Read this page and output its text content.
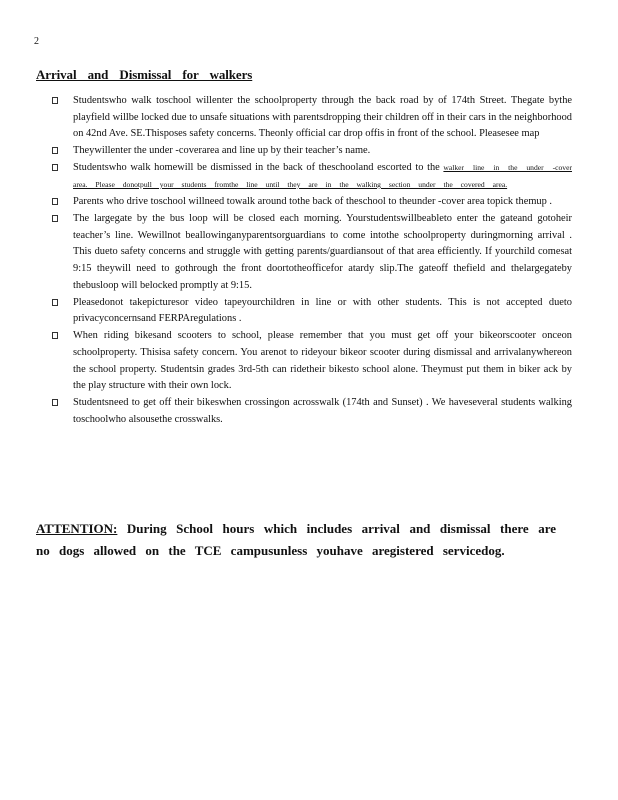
2
Arrival and Dismissal for walkers
Studentswho walk toschool willenter the schoolproperty through the back road by of 174th Street. Thegate bythe playfield willbe locked due to unsafe situations with parentsdropping their children off in their cars in the neighborhood on 42nd Ave. SE.Thisposes safety concerns. Theonly official car drop offis in front of the school. Pleasesee map
Theywillenter the under -coverarea and line up by their teacher’s name.
Studentswho walk homewill be dismissed in the back of theschooland escorted to the walker line in the under -cover area. Please donotpull your students fromthe line until they are in the walking section under the covered area.
Parents who drive toschool willneed towalk around tothe back of theschool to theunder -cover area topick themup .
The largegate by the bus loop will be closed each morning. Yourstudentswillbeableto enter the gateand gotoheir teacher’s line. Wewillnot beallowinganyparentsorguardians to come intothe schoolproperty duringmorning arrival . This dueto safety concerns and struggle with getting parents/guardiansout of that area efficiently. If yourchild comesat 9:15 theywill need to gothrough the front doortotheofficefor atardy slip.The gateoff thefield and thelargegateby thebusloop will belocked promptly at 9:15.
Pleasedonot takepicturesor video tapeyourchildren in line or with other students. This is not accepted dueto privacyconcernsand FERPAregulations .
When riding bikesand scooters to school, please remember that you must get off your bikeorscooter onceon schoolproperty. Thisisa safety concern. You arenot to rideyour bikeor scooter during dismissal and arrivalanywhereon the school property. Studentsin grades 3rd-5th can ridetheir bikesto school alone. Theymust put them in biker ack by the play structure with their own lock.
Studentsneed to get off their bikeswhen crossingon acrosswalk (174th and Sunset) . We haveseveral students walking toschoolwho alsousethe crosswalks.
ATTENTION: During School hours which includes arrival and dismissal there are no dogs allowed on the TCE campusunless youhave aregistered servicedog.
